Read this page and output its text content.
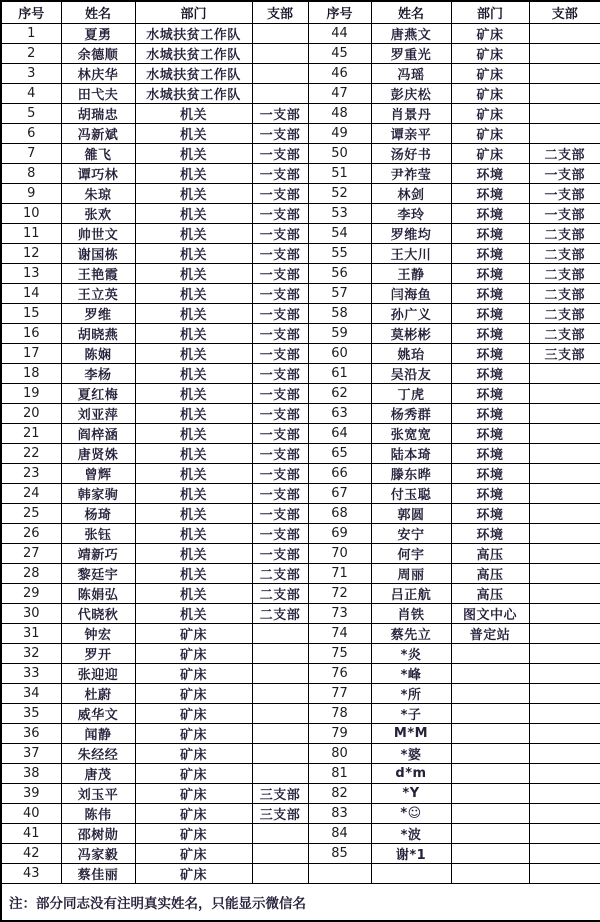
序号	姓名	部门	支部	序号	姓名	部门	支部
1	夏勇	水城扶贫工作队		44	唐燕文	矿床	
2	余德顺	水城扶贫工作队		45	罗重光	矿床	
3	林庆华	水城扶贫工作队		46	冯瑶	矿床	
4	田弋夫	水城扶贫工作队		47	彭庆松	矿床	
5	胡瑞忠	机关	一支部	48	肖景丹	矿床	
6	冯新斌	机关	一支部	49	谭亲平	矿床	
7	雒飞	机关	一支部	50	汤好书	矿床	二支部
8	谭巧林	机关	一支部	51	尹祚莹	环境	一支部
9	朱琼	机关	一支部	52	林剑	环境	一支部
10	张欢	机关	一支部	53	李玲	环境	一支部
11	帅世文	机关	一支部	54	罗维均	环境	二支部
12	谢国栋	机关	一支部	55	王大川	环境	二支部
13	王艳霞	机关	一支部	56	王静	环境	二支部
14	王立英	机关	一支部	57	闫海鱼	环境	二支部
15	罗维	机关	一支部	58	孙广义	环境	二支部
16	胡晓燕	机关	一支部	59	莫彬彬	环境	二支部
17	陈娴	机关	一支部	60	姚珆	环境	三支部
18	李杨	机关	一支部	61	吴沿友	环境	
19	夏红梅	机关	一支部	62	丁虎	环境	
20	刘亚萍	机关	一支部	63	杨秀群	环境	
21	阎梓涵	机关	一支部	64	张宽宽	环境	
22	唐贤姝	机关	一支部	65	陆本琦	环境	
23	曾辉	机关	一支部	66	滕东晔	环境	
24	韩家驹	机关	一支部	67	付玉聪	环境	
25	杨琦	机关	一支部	68	郭圆	环境	
26	张钰	机关	一支部	69	安宁	环境	
27	靖新巧	机关	一支部	70	何宇	高压	
28	黎廷宇	机关	二支部	71	周丽	高压	
29	陈娟弘	机关	二支部	72	吕正航	高压	
30	代晓秋	机关	二支部	73	肖铁	图文中心	
31	钟宏	矿床		74	蔡先立	普定站	
32	罗开	矿床		75	*炎		
33	张迎迎	矿床		76	*峰		
34	杜蔚	矿床		77	*所		
35	威华文	矿床		78	*子		
36	闻静	矿床		79	M*M		
37	朱经经	矿床		80	*婆		
38	唐茂	矿床		81	d*m		
39	刘玉平	矿床	三支部	82	*Y		
40	陈伟	矿床	三支部	83	*☺		
41	邵树勋	矿床		84	*波		
42	冯家毅	矿床		85	谢*1		
43	蔡佳丽	矿床					
注：部分同志没有注明真实姓名，只能显示微信名							
